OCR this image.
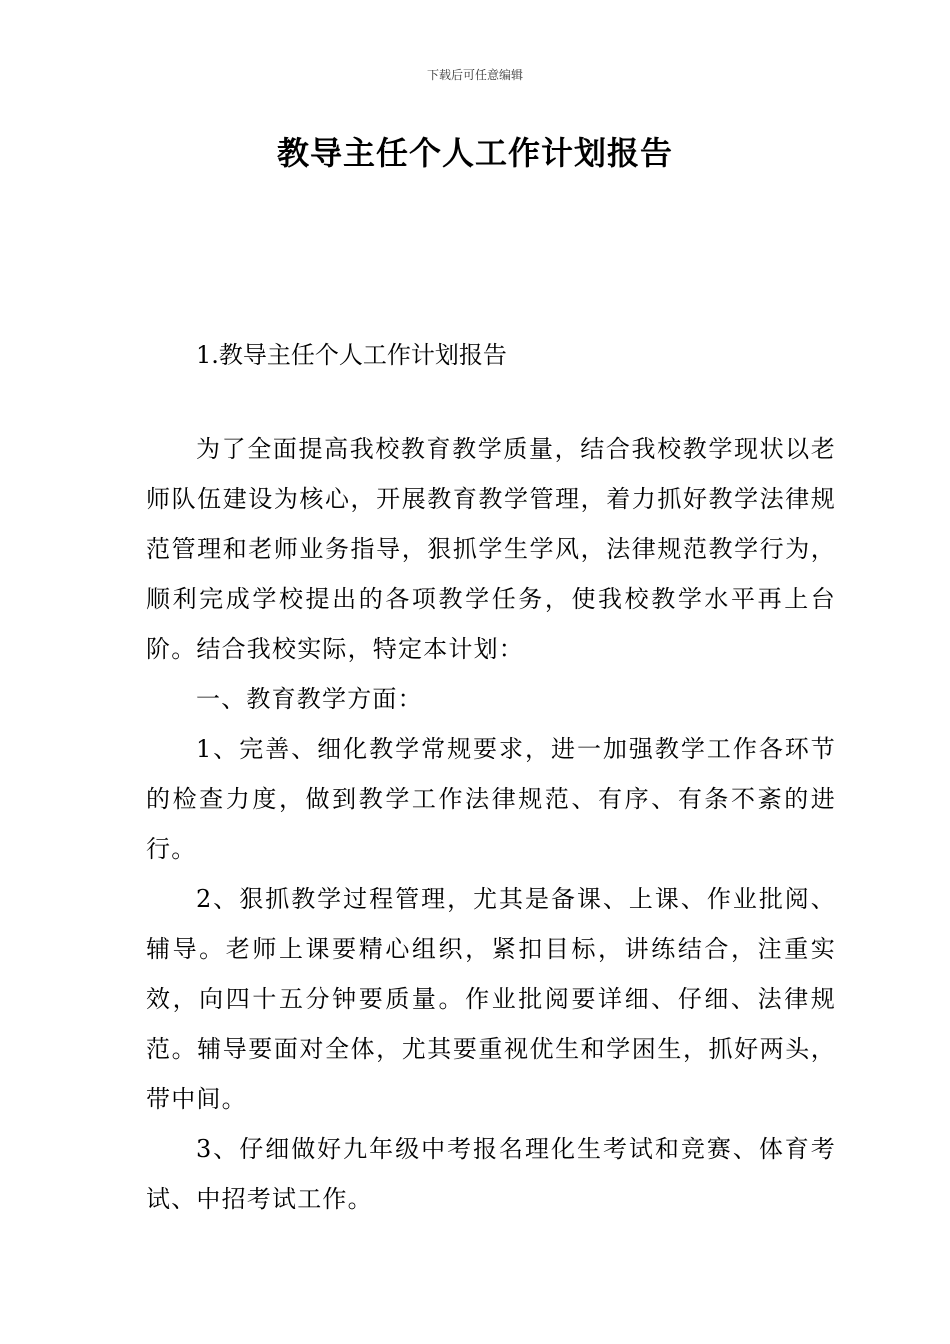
下载后可任意编辑
教导主任个人工作计划报告
1.教导主任个人工作计划报告

为了全面提高我校教育教学质量，结合我校教学现状以老师队伍建设为核心，开展教育教学管理，着力抓好教学法律规范管理和老师业务指导，狠抓学生学风，法律规范教学行为，顺利完成学校提出的各项教学任务，使我校教学水平再上台阶。结合我校实际，特定本计划：

一、教育教学方面：

1、完善、细化教学常规要求，进一加强教学工作各环节的检查力度，做到教学工作法律规范、有序、有条不紊的进行。

2、狠抓教学过程管理，尤其是备课、上课、作业批阅、辅导。老师上课要精心组织，紧扣目标，讲练结合，注重实效，向四十五分钟要质量。作业批阅要详细、仔细、法律规范。辅导要面对全体，尤其要重视优生和学困生，抓好两头，带中间。

3、仔细做好九年级中考报名理化生考试和竞赛、体育考试、中招考试工作。
